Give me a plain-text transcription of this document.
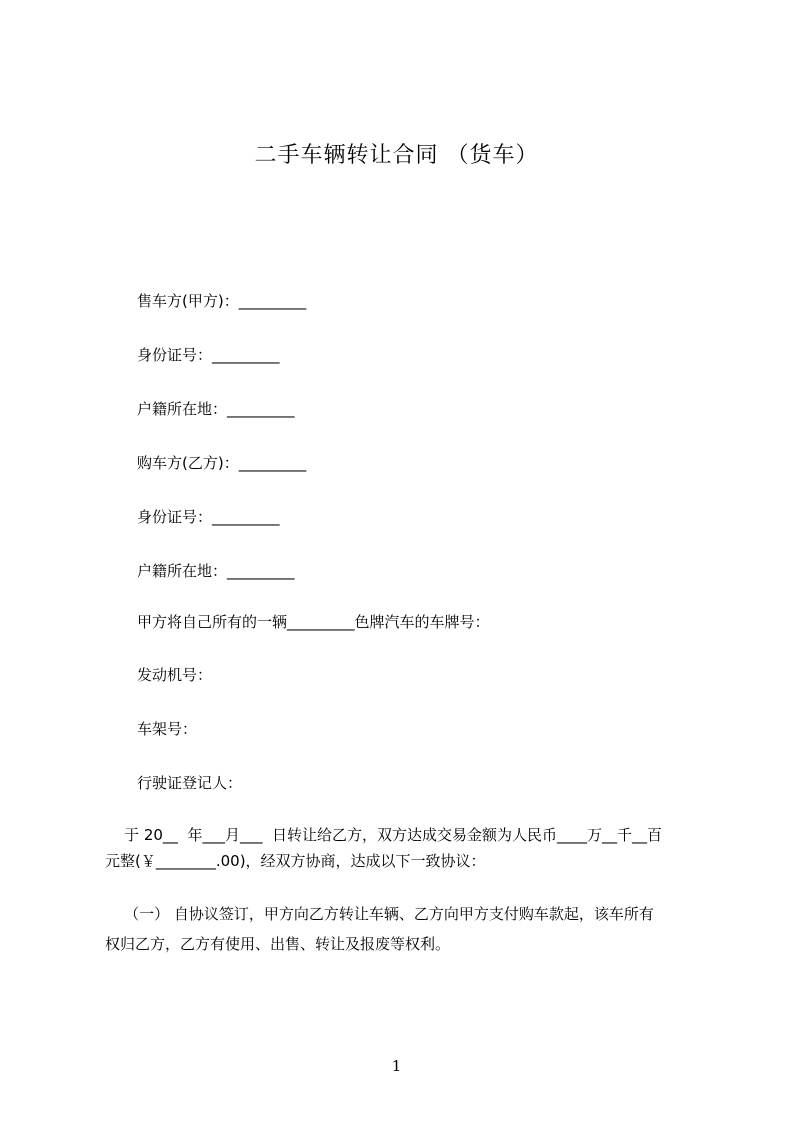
二手车辆转让合同 （货车）
售车方(甲方)：_________
身份证号：_________
户籍所在地：_________
购车方(乙方)：_________
身份证号：_________
户籍所在地：_________
甲方将自己所有的一辆_________色牌汽车的车牌号：
发动机号：
车架号：
行驶证登记人：
于 20__  年___月___  日转让给乙方，双方达成交易金额为人民币____万__千__百
元整(￥________.00)，经双方协商，达成以下一致协议：
（一） 自协议签订，甲方向乙方转让车辆、乙方向甲方支付购车款起，该车所有
权归乙方，乙方有使用、出售、转让及报废等权利。
1
